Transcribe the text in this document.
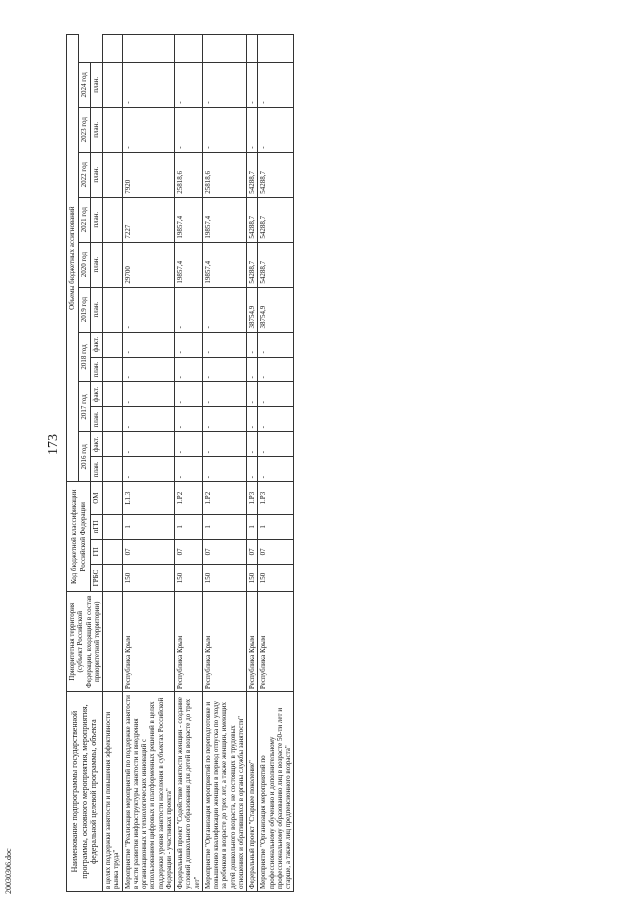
173
20030306.doc	Наименование подпрограммы государственной программы, основного мероприятия, мероприятия, федеральной целевой программы, объекта	Приоритетная территория (субъект Российской Федерации, входящий в состав приоритетной территории)	Код бюджетной классификации Российской Федерации				Объемы бюджетных ассигнований												
						2016 год		2017 год		2018 год		2019 год	2020 год	2021 год	2022 год	2023 год	2024 год	
		ГРБС	ГП	пГП	ОМ	план.	факт.	план.	факт.	план.	факт.	план.	план.	план.	план.	план.	план.	
в целях поддержки занятости и повышения эффективности рынка труда"																		
Мероприятие "Реализация мероприятий по поддержке занятости в части развития инфраструктуры занятости и внедрения организационных и технологических инноваций с использованием цифровых и платформенных решений в целях поддержки уровня занятости населения в субъектах Российской Федерации - участниках проекта"	Республика Крым	150	07	1	L1.3	-	-	-	-	-	-	-	29700	7227	7920	-	-	
Федеральный проект "Содействие занятости женщин - создание условий дошкольного образования для детей в возрасте до трех лет"	Республика Крым	150	07	1	1.Р2	-	-	-	-	-	-	-	19857,4	19857,4	25818,6	-	-	
Мероприятие "Организация мероприятий по переподготовке и повышению квалификации женщин в период отпуска по уходу за ребенком в возрасте до трех лет, а также женщин, имеющих детей дошкольного возраста, не состоящих в трудовых отношениях и обратившихся в органы службы занятости"	Республика Крым	150	07	1	1.Р2	-	-	-	-	-	-	-	19857,4	19857,4	25818,6	-	-	
Федеральный проект "Старшее поколение"	Республика Крым	150	07	1	1.Р3	-	-	-	-	-	-	38754,9	54288,7	54288,7	54288,7	-	-	
Мероприятие "Организация мероприятий по профессиональному обучению и дополнительному профессиональному образованию лиц в возрасте 50-ти лет и старше, а также лиц предпенсионного возраста"	Республика Крым	150	07	1	1.Р3	-	-	-	-	-	-	38754,9	54288,7	54288,7	54288,7	-	-	
